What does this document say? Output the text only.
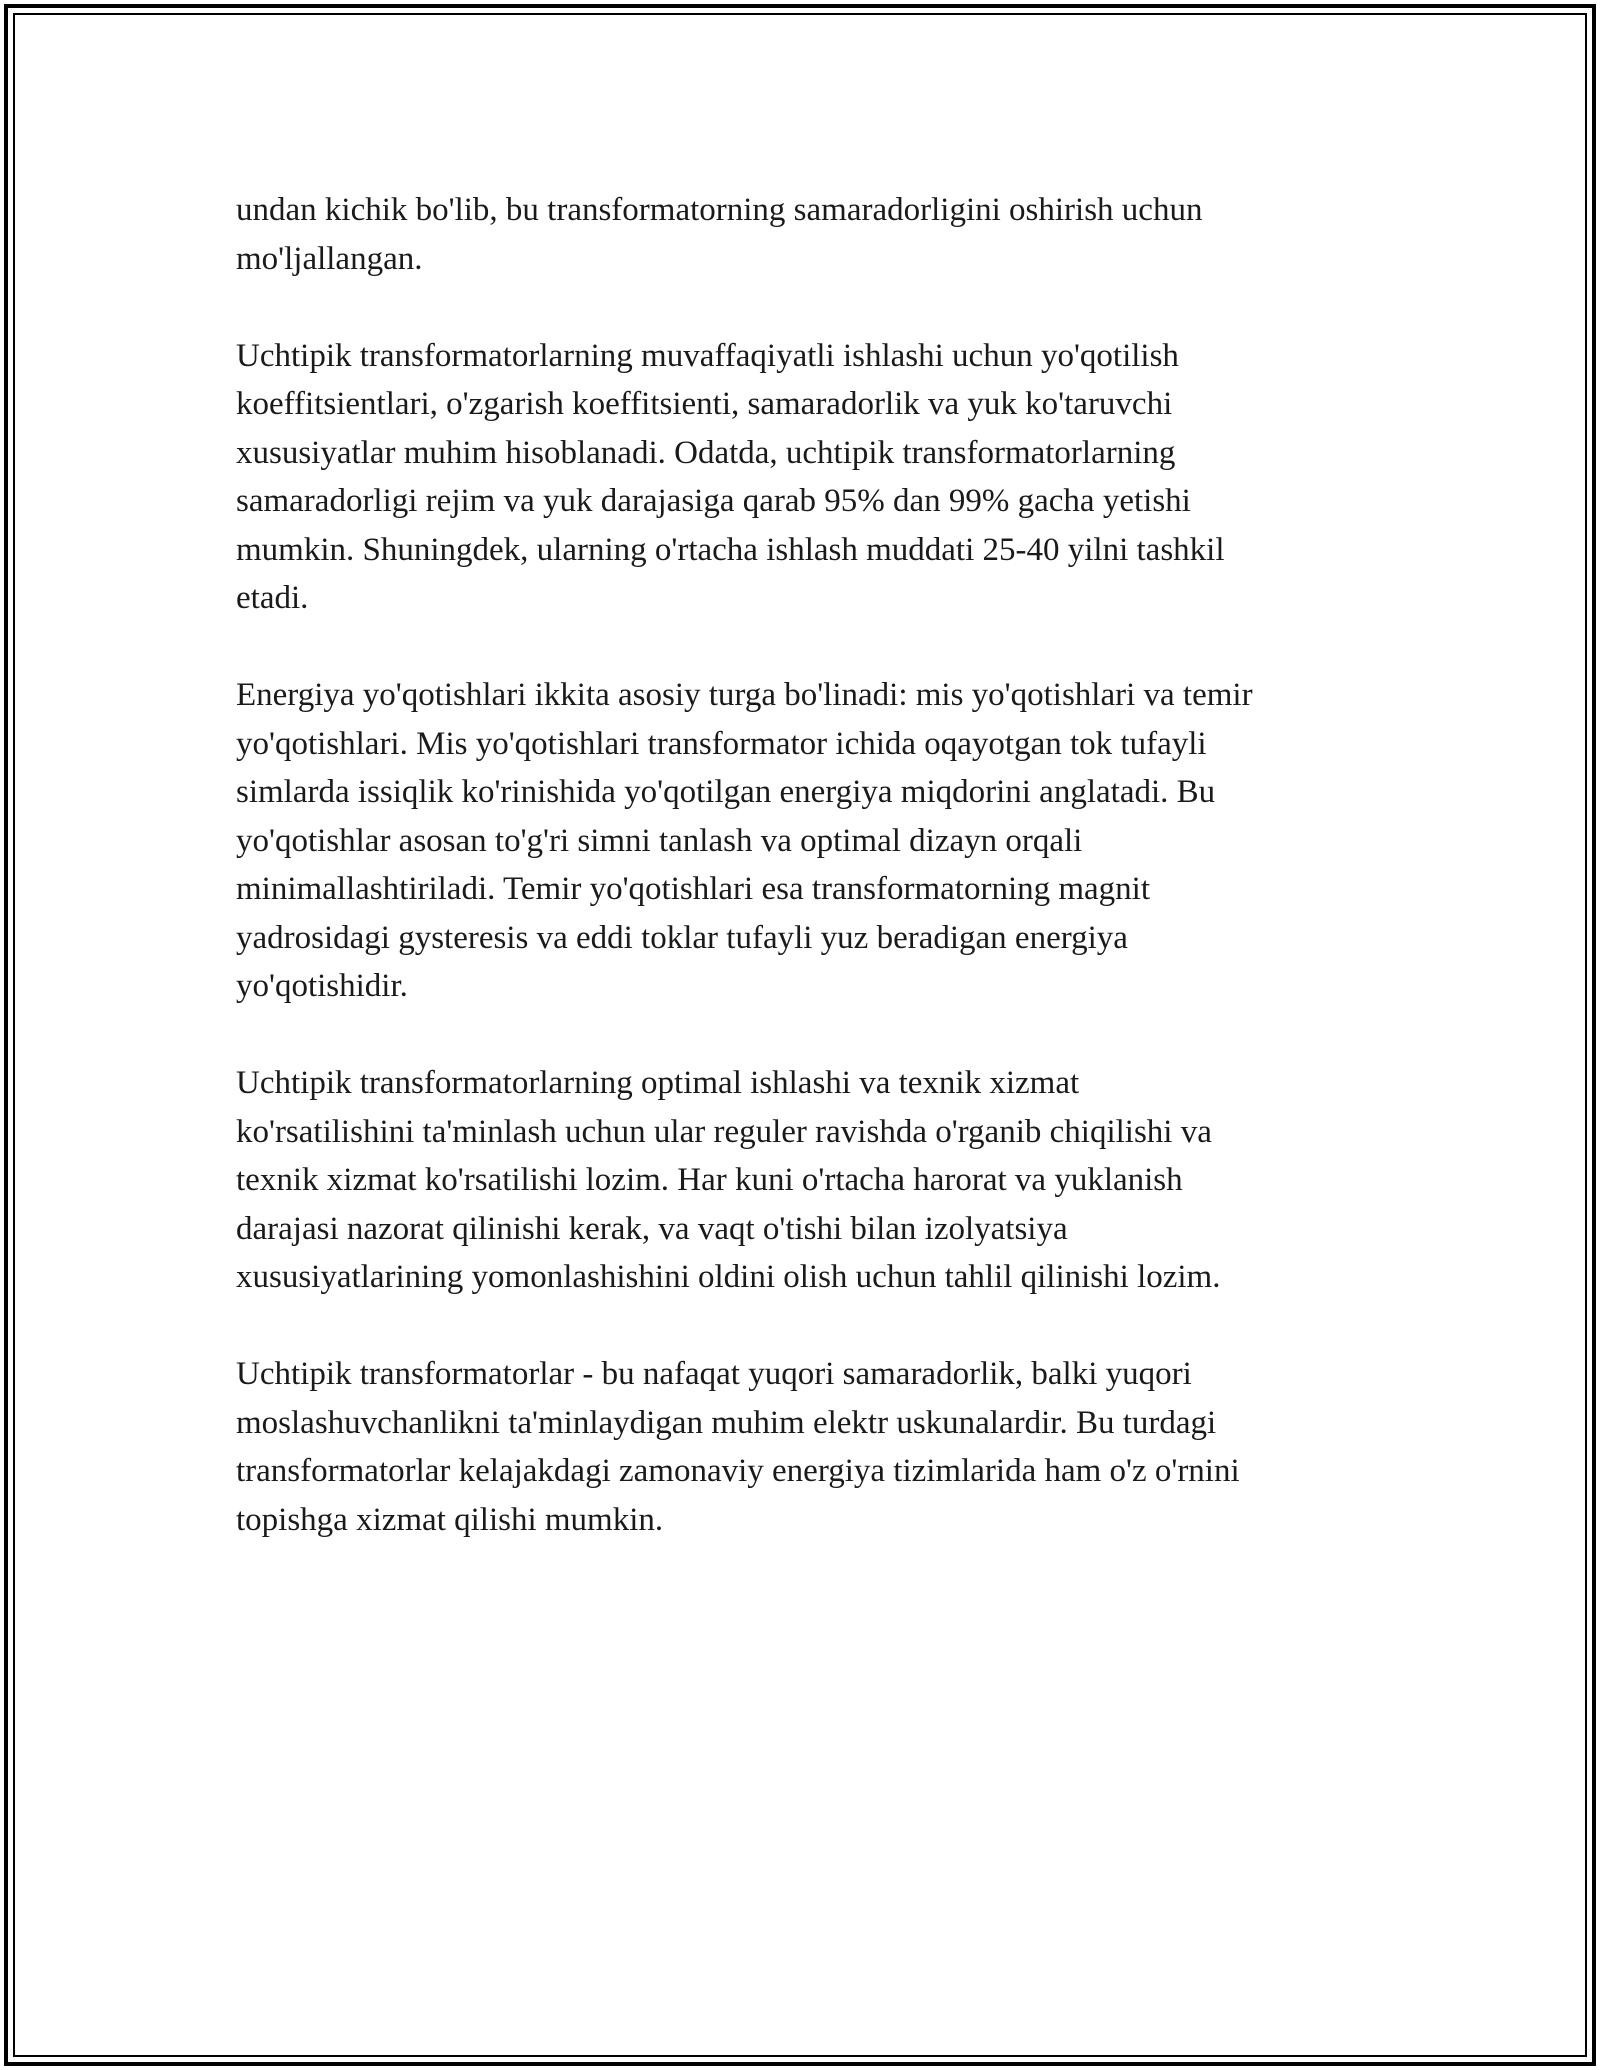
undan kichik bo'lib, bu transformatorning samaradorligini oshirish uchun
mo'ljallangan.

Uchtipik transformatorlarning muvaffaqiyatli ishlashi uchun yo'qotilish
koeffitsientlari, o'zgarish koeffitsienti, samaradorlik va yuk ko'taruvchi
xususiyatlar muhim hisoblanadi. Odatda, uchtipik transformatorlarning
samaradorligi rejim va yuk darajasiga qarab 95% dan 99% gacha yetishi
mumkin. Shuningdek, ularning o'rtacha ishlash muddati 25-40 yilni tashkil
etadi.

Energiya yo'qotishlari ikkita asosiy turga bo'linadi: mis yo'qotishlari va temir
yo'qotishlari. Mis yo'qotishlari transformator ichida oqayotgan tok tufayli
simlarda issiqlik ko'rinishida yo'qotilgan energiya miqdorini anglatadi. Bu
yo'qotishlar asosan to'g'ri simni tanlash va optimal dizayn orqali
minimallashtiriladi. Temir yo'qotishlari esa transformatorning magnit
yadrosidagi gysteresis va eddi toklar tufayli yuz beradigan energiya
yo'qotishidir.

Uchtipik transformatorlarning optimal ishlashi va texnik xizmat
ko'rsatilishini ta'minlash uchun ular reguler ravishda o'rganib chiqilishi va
texnik xizmat ko'rsatilishi lozim. Har kuni o'rtacha harorat va yuklanish
darajasi nazorat qilinishi kerak, va vaqt o'tishi bilan izolyatsiya
xususiyatlarining yomonlashishini oldini olish uchun tahlil qilinishi lozim.

Uchtipik transformatorlar - bu nafaqat yuqori samaradorlik, balki yuqori
moslashuvchanlikni ta'minlaydigan muhim elektr uskunalardir. Bu turdagi
transformatorlar kelajakdagi zamonaviy energiya tizimlarida ham o'z o'rnini
topishga xizmat qilishi mumkin.
